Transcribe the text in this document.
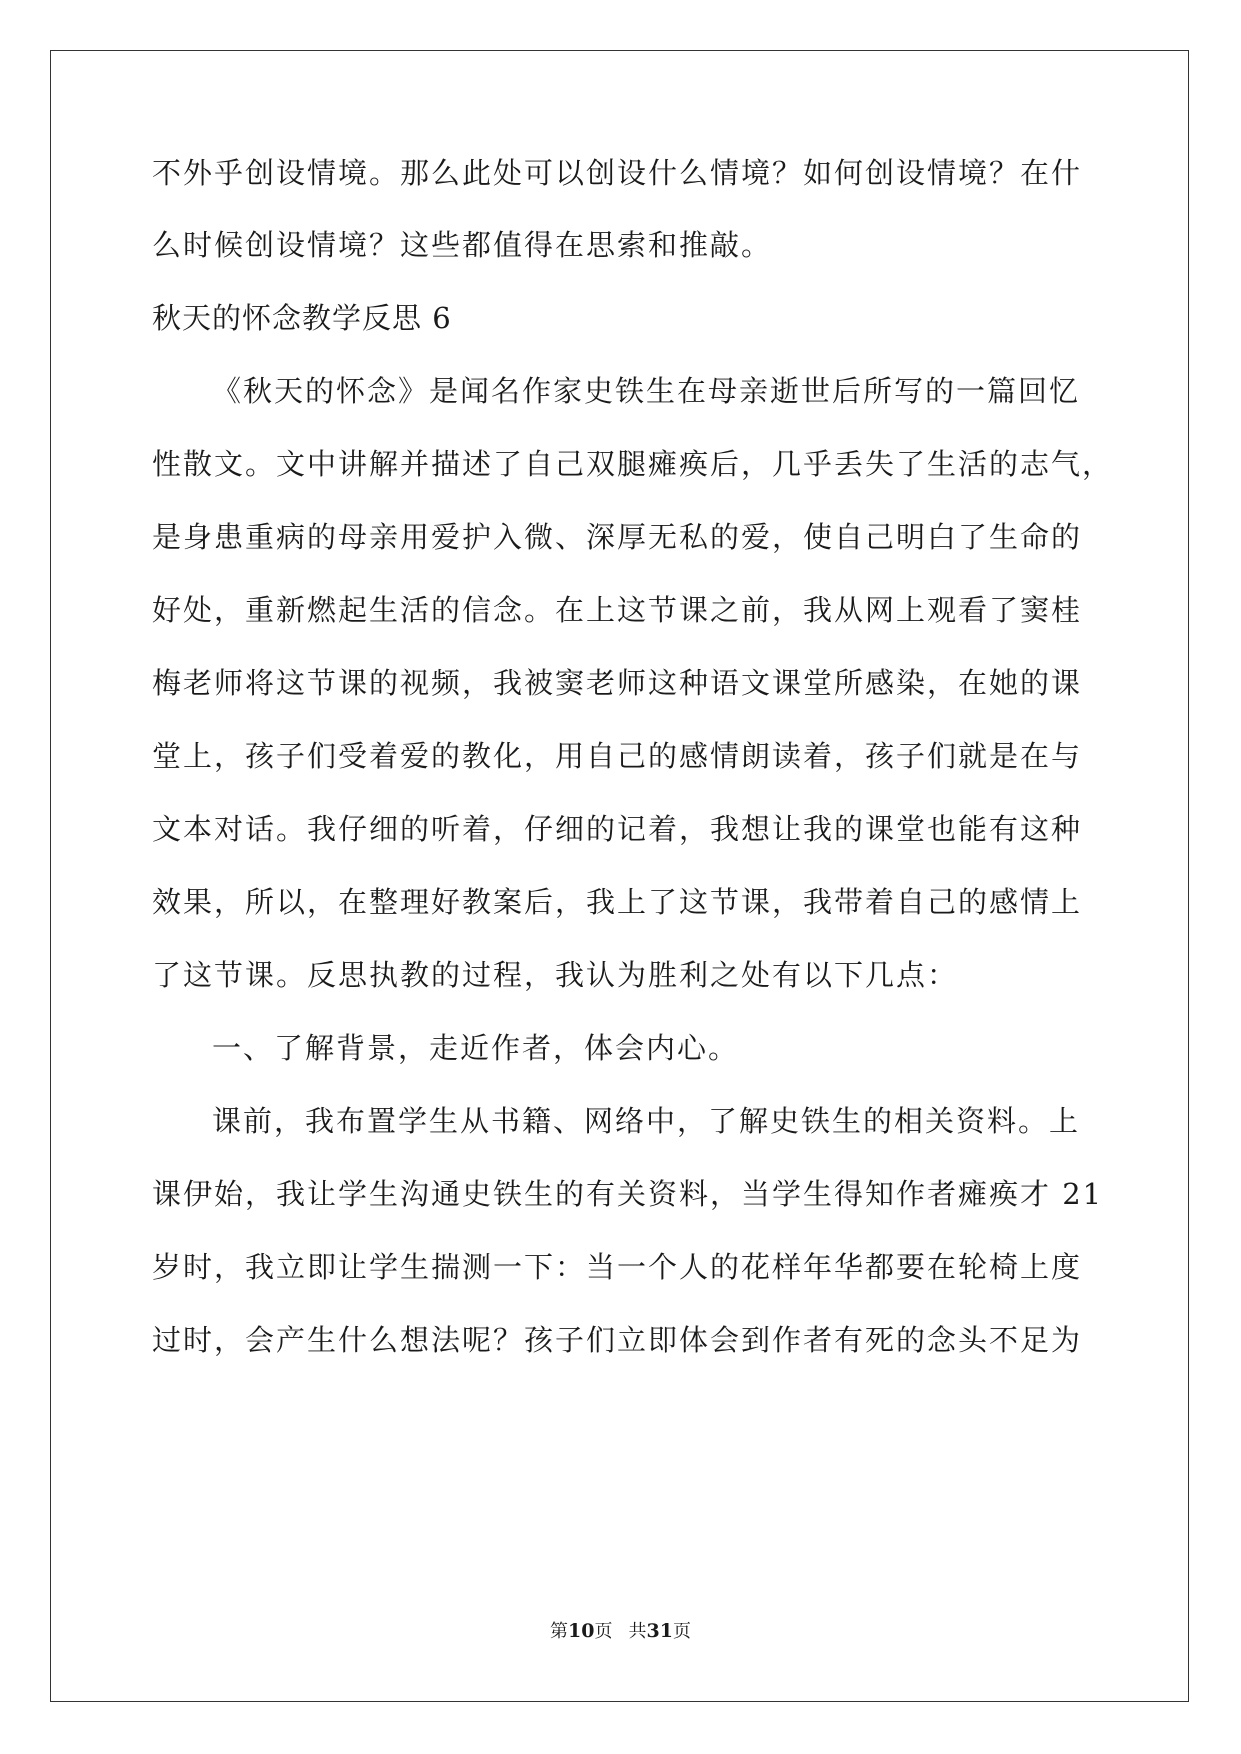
不外乎创设情境。那么此处可以创设什么情境？如何创设情境？在什
么时候创设情境？这些都值得在思索和推敲。
秋天的怀念教学反思 6
《秋天的怀念》是闻名作家史铁生在母亲逝世后所写的一篇回忆
性散文。文中讲解并描述了自己双腿瘫痪后，几乎丢失了生活的志气，
是身患重病的母亲用爱护入微、深厚无私的爱，使自己明白了生命的
好处，重新燃起生活的信念。在上这节课之前，我从网上观看了窦桂
梅老师将这节课的视频，我被窦老师这种语文课堂所感染，在她的课
堂上，孩子们受着爱的教化，用自己的感情朗读着，孩子们就是在与
文本对话。我仔细的听着，仔细的记着，我想让我的课堂也能有这种
效果，所以，在整理好教案后，我上了这节课，我带着自己的感情上
了这节课。反思执教的过程，我认为胜利之处有以下几点：
一、了解背景，走近作者，体会内心。
课前，我布置学生从书籍、网络中，了解史铁生的相关资料。上
课伊始，我让学生沟通史铁生的有关资料，当学生得知作者瘫痪才 21
岁时，我立即让学生揣测一下：当一个人的花样年华都要在轮椅上度
过时，会产生什么想法呢？孩子们立即体会到作者有死的念头不足为
第10页 共31页
